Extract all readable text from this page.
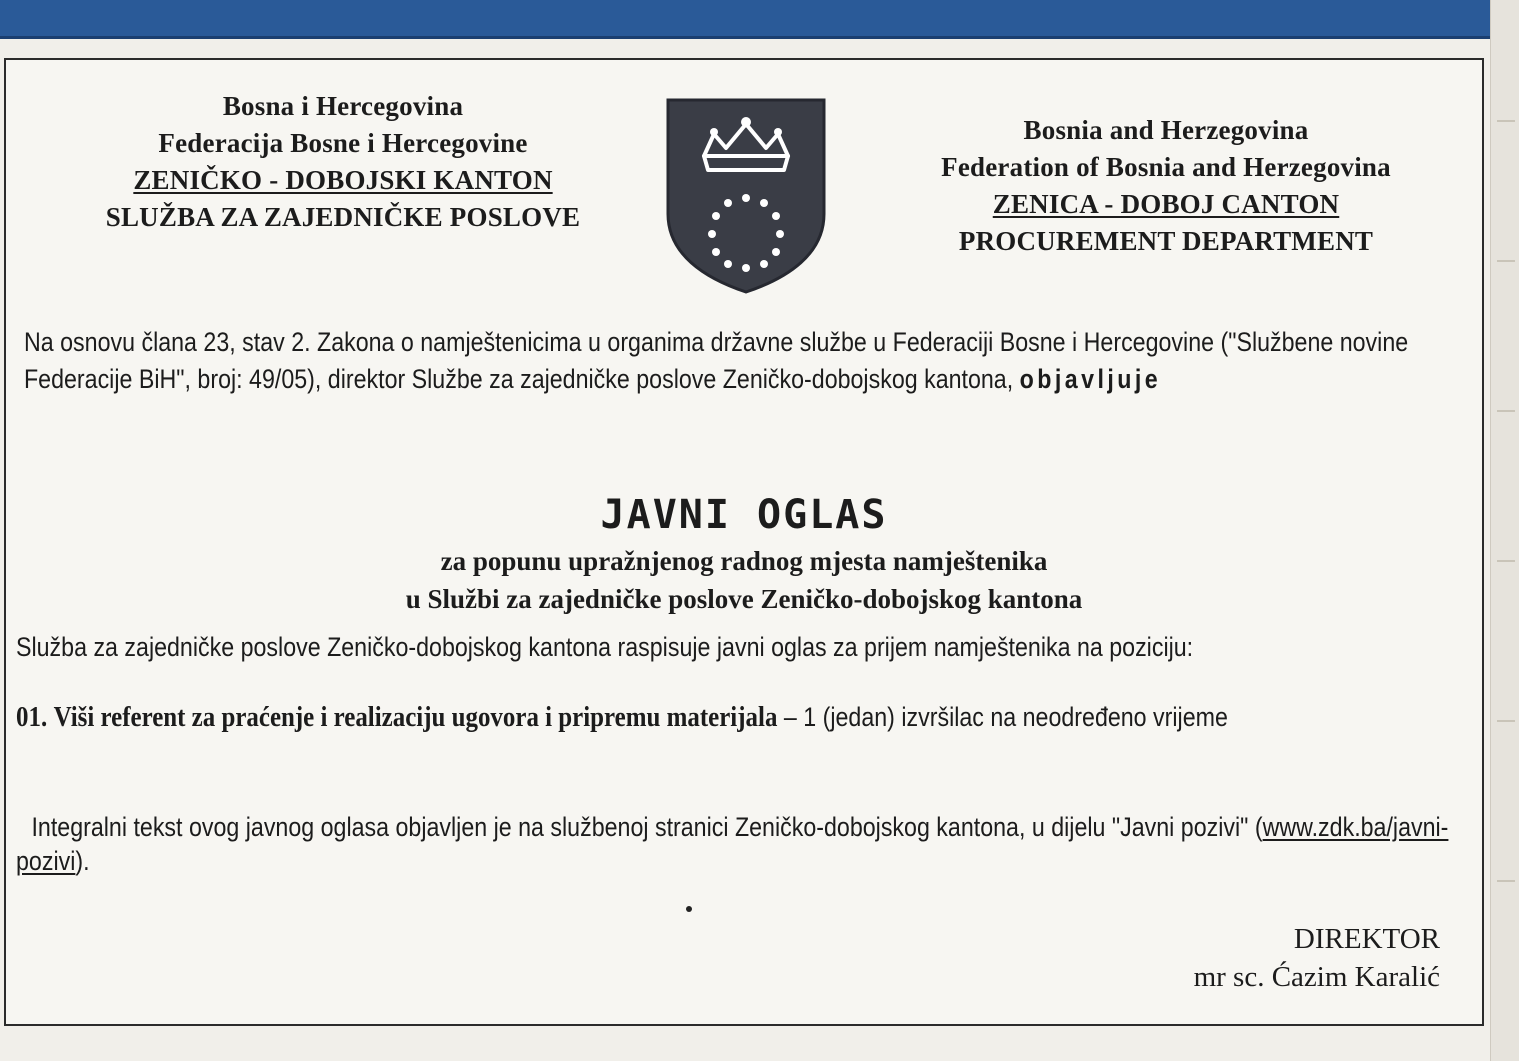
Bosna i Hercegovina
Federacija Bosne i Hercegovine
ZENIČKO - DOBOJSKI KANTON
SLUŽBA ZA ZAJEDNIČKE POSLOVE
Bosnia and Herzegovina
Federation of Bosnia and Herzegovina
ZENICA - DOBOJ CANTON
PROCUREMENT DEPARTMENT
Na osnovu člana 23, stav 2. Zakona o namještenicima u organima državne službe u Federaciji Bosne i Hercegovine ("Službene novine Federacije BiH", broj: 49/05), direktor Službe za zajedničke poslove Zeničko-dobojskog kantona, objavljuje
JAVNI OGLAS
za popunu upražnjenog radnog mjesta namještenika
u Službi za zajedničke poslove Zeničko-dobojskog kantona
Služba za zajedničke poslove Zeničko-dobojskog kantona raspisuje javni oglas za prijem namještenika na poziciju:
01. Viši referent za praćenje i realizaciju ugovora i pripremu materijala – 1 (jedan) izvršilac na neodređeno vrijeme
Integralni tekst ovog javnog oglasa objavljen je na službenoj stranici Zeničko-dobojskog kantona, u dijelu "Javni pozivi" (www.zdk.ba/javni-pozivi).
DIREKTOR
mr sc. Ćazim Karalić
